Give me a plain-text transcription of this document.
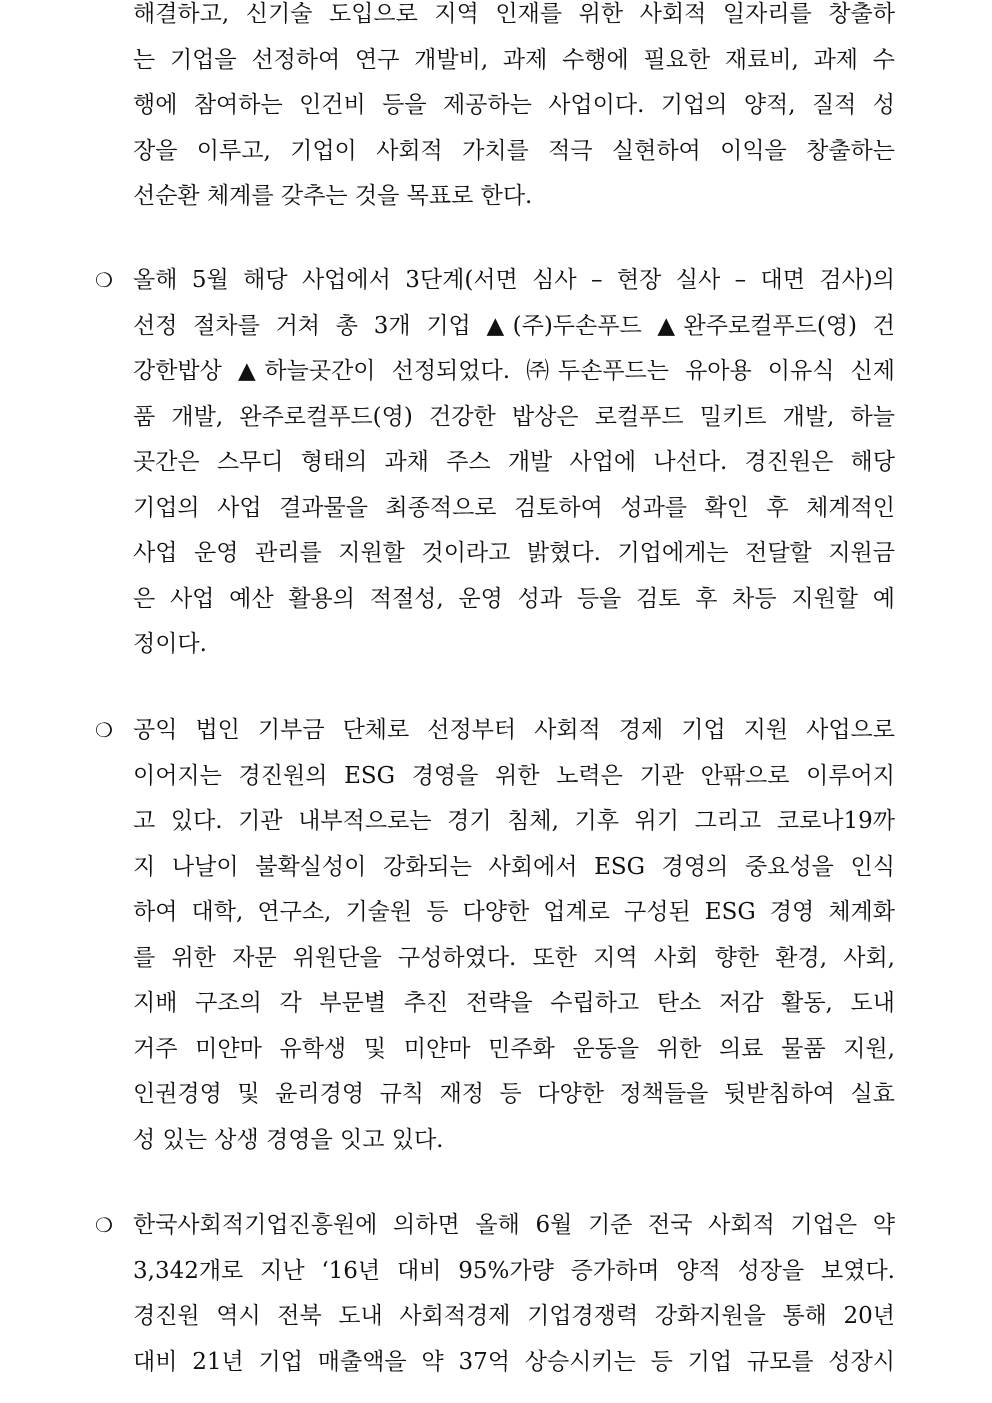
해결하고, 신기술 도입으로 지역 인재를 위한 사회적 일자리를 창출하
는 기업을 선정하여 연구 개발비, 과제 수행에 필요한 재료비, 과제 수
행에 참여하는 인건비 등을 제공하는 사업이다. 기업의 양적, 질적 성
장을 이루고, 기업이 사회적 가치를 적극 실현하여 이익을 창출하는
선순환 체계를 갖추는 것을 목표로 한다.
❍ 올해 5월 해당 사업에서 3단계(서면 심사 – 현장 실사 – 대면 검사)의
선정 절차를 거쳐 총 3개 기업 ▲(주)두손푸드 ▲완주로컬푸드(영) 건
강한밥상 ▲하늘곳간이 선정되었다. ㈜두손푸드는 유아용 이유식 신제
품 개발, 완주로컬푸드(영) 건강한 밥상은 로컬푸드 밀키트 개발, 하늘
곳간은 스무디 형태의 과채 주스 개발 사업에 나선다. 경진원은 해당
기업의 사업 결과물을 최종적으로 검토하여 성과를 확인 후 체계적인
사업 운영 관리를 지원할 것이라고 밝혔다. 기업에게는 전달할 지원금
은 사업 예산 활용의 적절성, 운영 성과 등을 검토 후 차등 지원할 예
정이다.
❍ 공익 법인 기부금 단체로 선정부터 사회적 경제 기업 지원 사업으로
이어지는 경진원의 ESG 경영을 위한 노력은 기관 안팎으로 이루어지
고 있다. 기관 내부적으로는 경기 침체, 기후 위기 그리고 코로나19까
지 나날이 불확실성이 강화되는 사회에서 ESG 경영의 중요성을 인식
하여 대학, 연구소, 기술원 등 다양한 업계로 구성된 ESG 경영 체계화
를 위한 자문 위원단을 구성하였다. 또한 지역 사회 향한 환경, 사회,
지배 구조의 각 부문별 추진 전략을 수립하고 탄소 저감 활동, 도내
거주 미얀마 유학생 및 미얀마 민주화 운동을 위한 의료 물품 지원,
인권경영 및 윤리경영 규칙 재정 등 다양한 정책들을 뒷받침하여 실효
성 있는 상생 경영을 잇고 있다.
❍ 한국사회적기업진흥원에 의하면 올해 6월 기준 전국 사회적 기업은 약
3,342개로 지난 ‘16년 대비 95%가량 증가하며 양적 성장을 보였다.
경진원 역시 전북 도내 사회적경제 기업경쟁력 강화지원을 통해 20년
대비 21년 기업 매출액을 약 37억 상승시키는 등 기업 규모를 성장시
